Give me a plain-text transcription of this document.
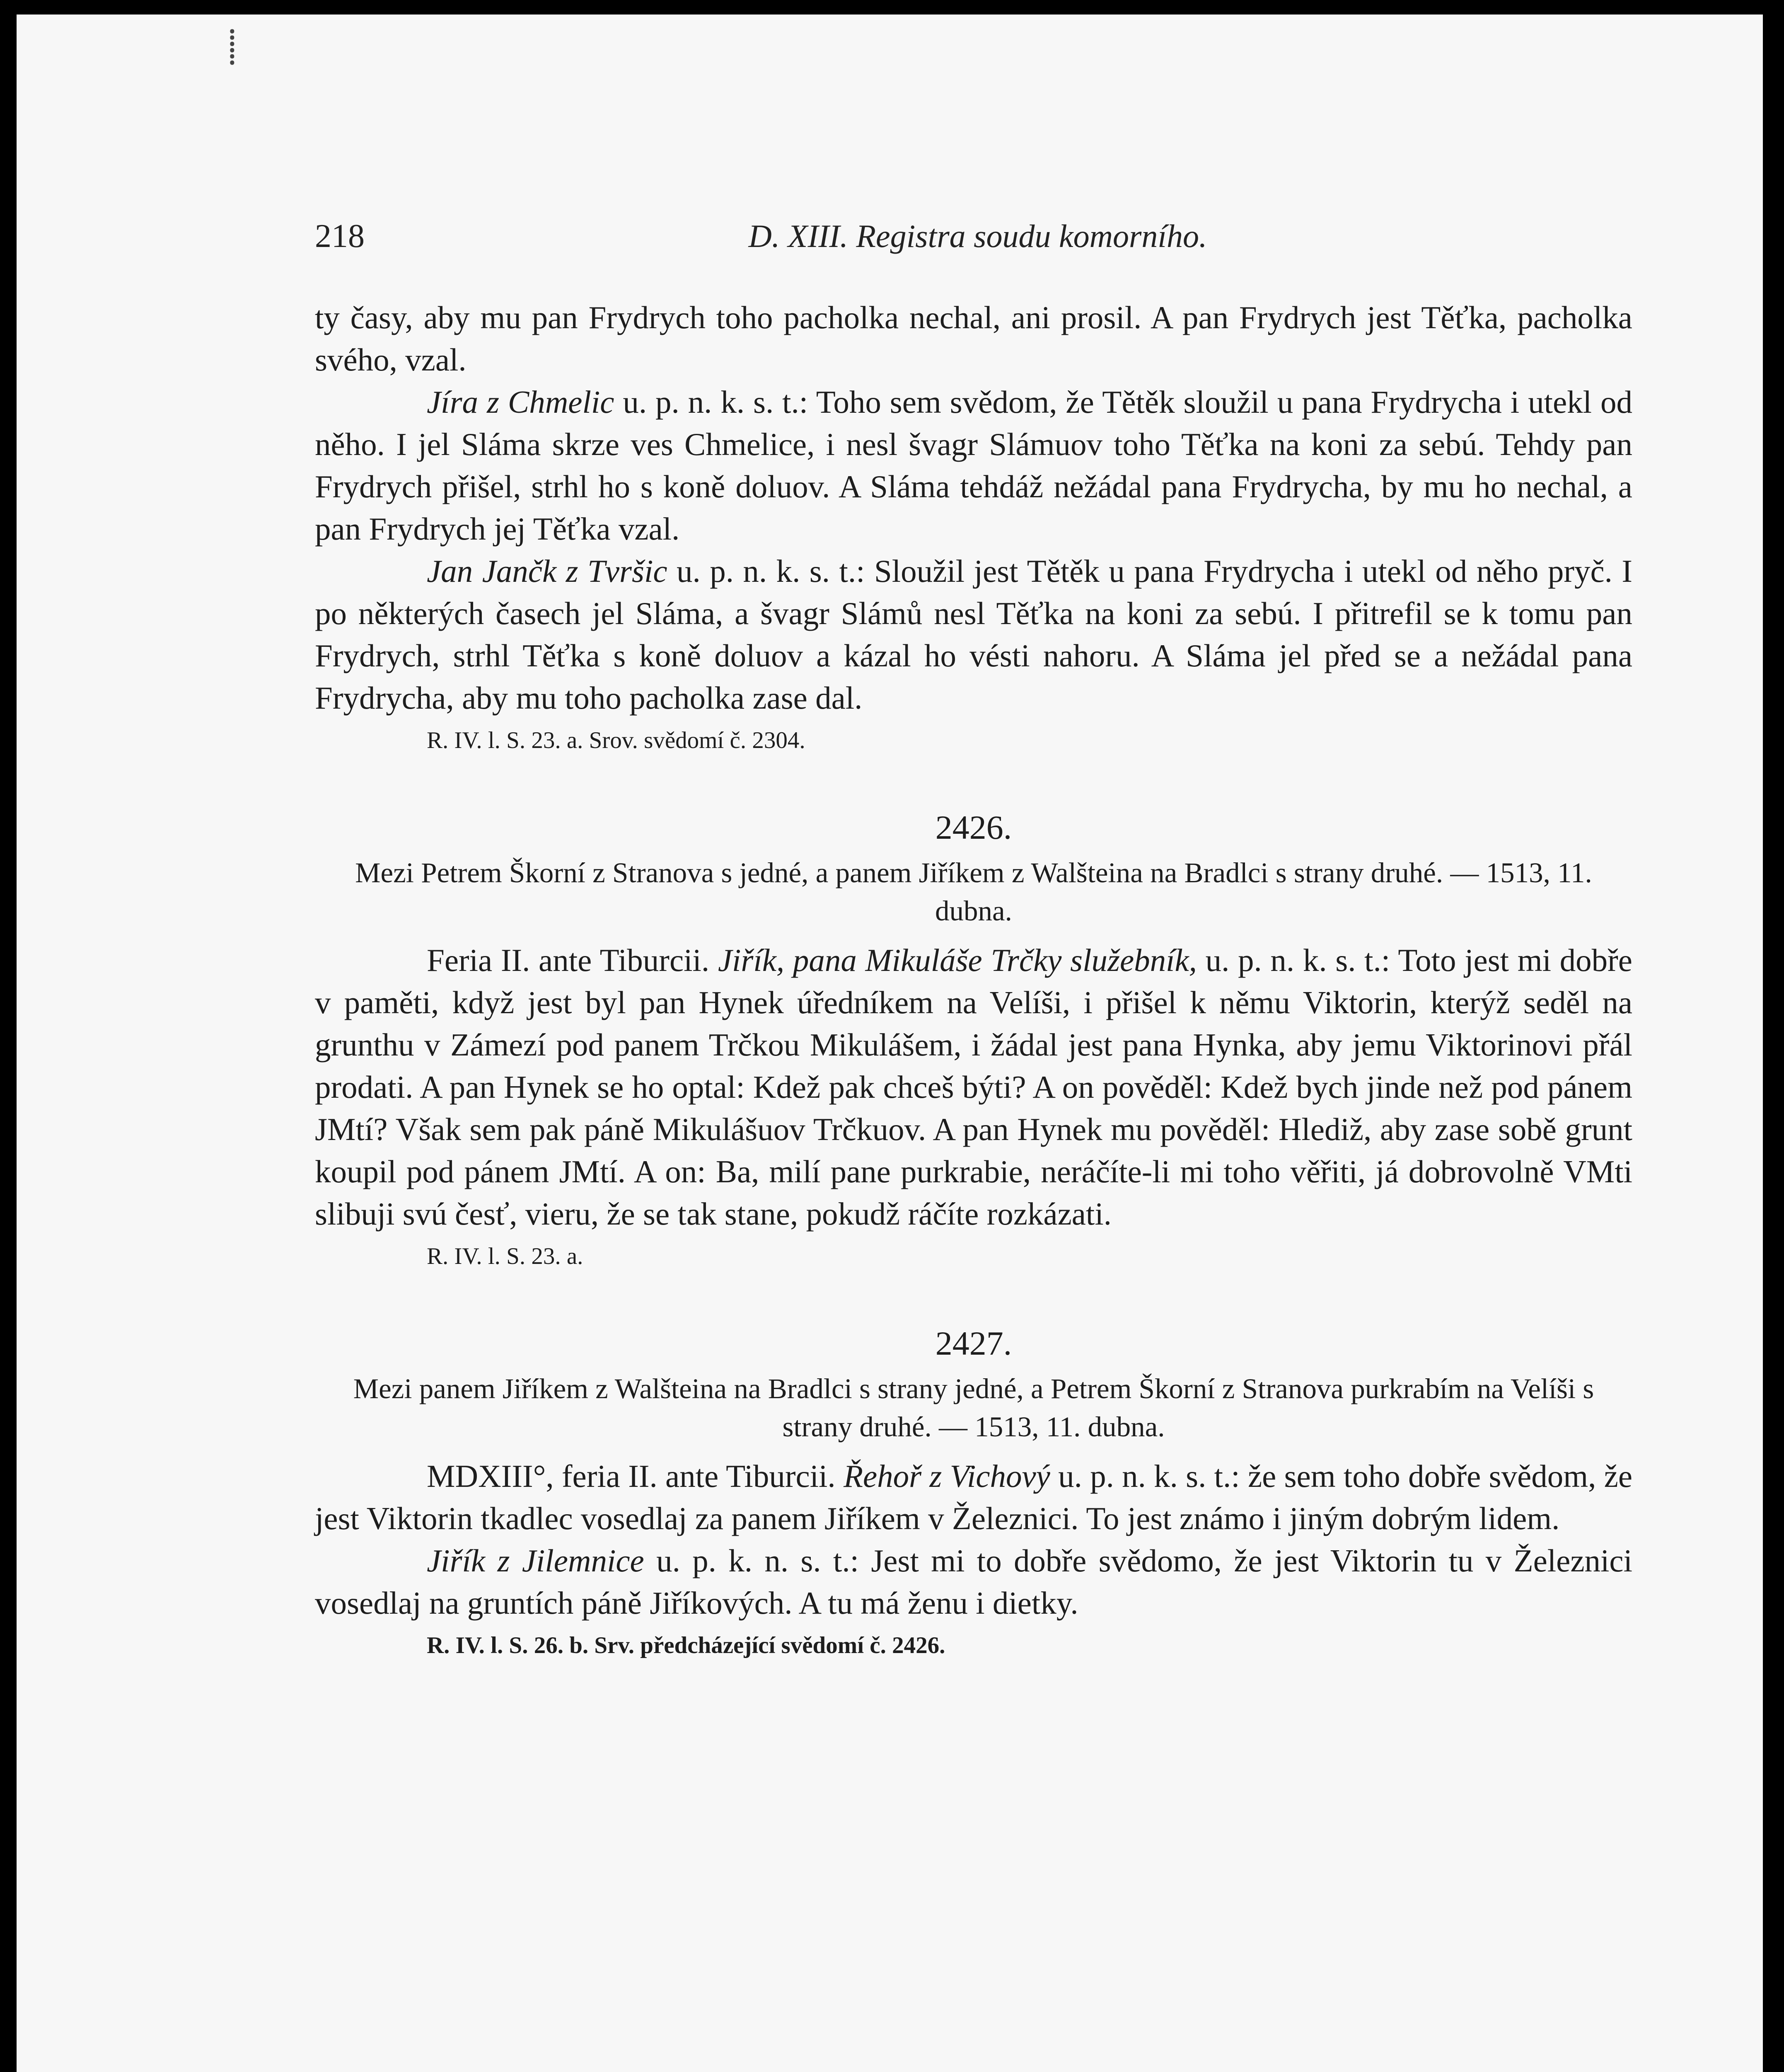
⸽
218	D. XIII. Registra soudu komorního.

ty časy, aby mu pan Frydrych toho pacholka nechal, ani prosil. A pan Frydrych jest Těťka, pacholka svého, vzal.

Jíra z Chmelic u. p. n. k. s. t.: Toho sem svědom, že Tětěk sloužil u pana Frydrycha i utekl od něho. I jel Sláma skrze ves Chmelice, i nesl švagr Slámuov toho Těťka na koni za sebú. Tehdy pan Frydrych přišel, strhl ho s koně doluov. A Sláma tehdáž nežádal pana Frydrycha, by mu ho nechal, a pan Frydrych jej Těťka vzal.

Jan Jančk z Tvršic u. p. n. k. s. t.: Sloužil jest Tětěk u pana Frydrycha i utekl od něho pryč. I po některých časech jel Sláma, a švagr Slámů nesl Těťka na koni za sebú. I přitrefil se k tomu pan Frydrych, strhl Těťka s koně doluov a kázal ho vésti nahoru. A Sláma jel před se a nežádal pana Frydrycha, aby mu toho pacholka zase dal.

R. IV. l. S. 23. a. Srov. svědomí č. 2304.

2426.

Mezi Petrem Škorní z Stranova s jedné, a panem Jiříkem z Walšteina na Bradlci s strany druhé. — 1513, 11. dubna.

Feria II. ante Tiburcii. Jiřík, pana Mikuláše Trčky služebník, u. p. n. k. s. t.: Toto jest mi dobře v paměti, když jest byl pan Hynek úředníkem na Velíši, i přišel k němu Viktorin, kterýž seděl na grunthu v Zámezí pod panem Trčkou Mikulášem, i žádal jest pana Hynka, aby jemu Viktorinovi přál prodati. A pan Hynek se ho optal: Kdež pak chceš býti? A on pověděl: Kdež bych jinde než pod pánem JMtí? Však sem pak páně Mikulášuov Trčkuov. A pan Hynek mu pověděl: Hlediž, aby zase sobě grunt koupil pod pánem JMtí. A on: Ba, milí pane purkrabie, neráčíte-li mi toho věřiti, já dobrovolně VMti slibuji svú česť, vieru, že se tak stane, pokudž ráčíte rozkázati.

R. IV. l. S. 23. a.

2427.

Mezi panem Jiříkem z Walšteina na Bradlci s strany jedné, a Petrem Škorní z Stranova purkrabím na Velíši s strany druhé. — 1513, 11. dubna.

MDXIII°, feria II. ante Tiburcii. Řehoř z Vichový u. p. n. k. s. t.: že sem toho dobře svědom, že jest Viktorin tkadlec vosedlaj za panem Jiříkem v Železnici. To jest známo i jiným dobrým lidem.

Jiřík z Jilemnice u. p. k. n. s. t.: Jest mi to dobře svědomo, že jest Viktorin tu v Železnici vosedlaj na gruntích páně Jiříkových. A tu má ženu i dietky.

R. IV. l. S. 26. b. Srv. předcházející svědomí č. 2426.
